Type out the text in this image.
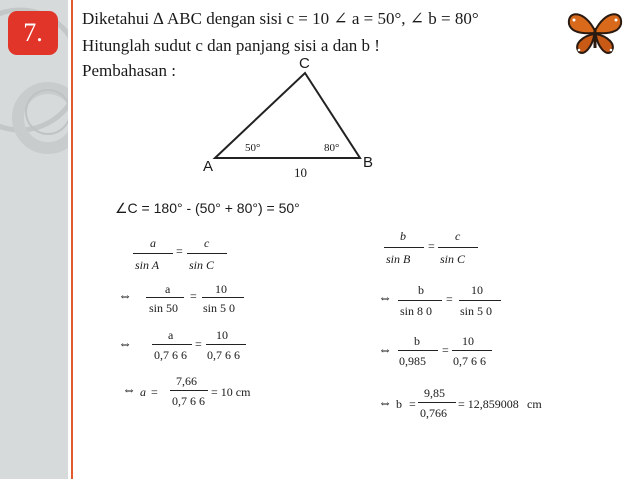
7.	Diketahui ∆ ABC dengan sisi c = 10 ∠ a = 50°, ∠ b = 80°
Hitunglah sudut c dan panjang sisi a dan b !
Pembahasan :	C
A	B
50°	80°
10
∠C = 180° - (50° + 80°) = 50°
a
sin A
=
c
sin C
⇔	a
sin 50
= 10
sin 5 0
⇔
a
0,7 6 6
=
10
0,7 6 6
⇔ a =
7,66
0,7 6 6
= 10 cm
b
sin B
=
c
sin C
⇔
b
sin 8 0
=
10
sin 5 0
⇔
b
0,985
=
10
0,7 6 6
⇔ b =
9,85
0,766
= 12,859008 cm
